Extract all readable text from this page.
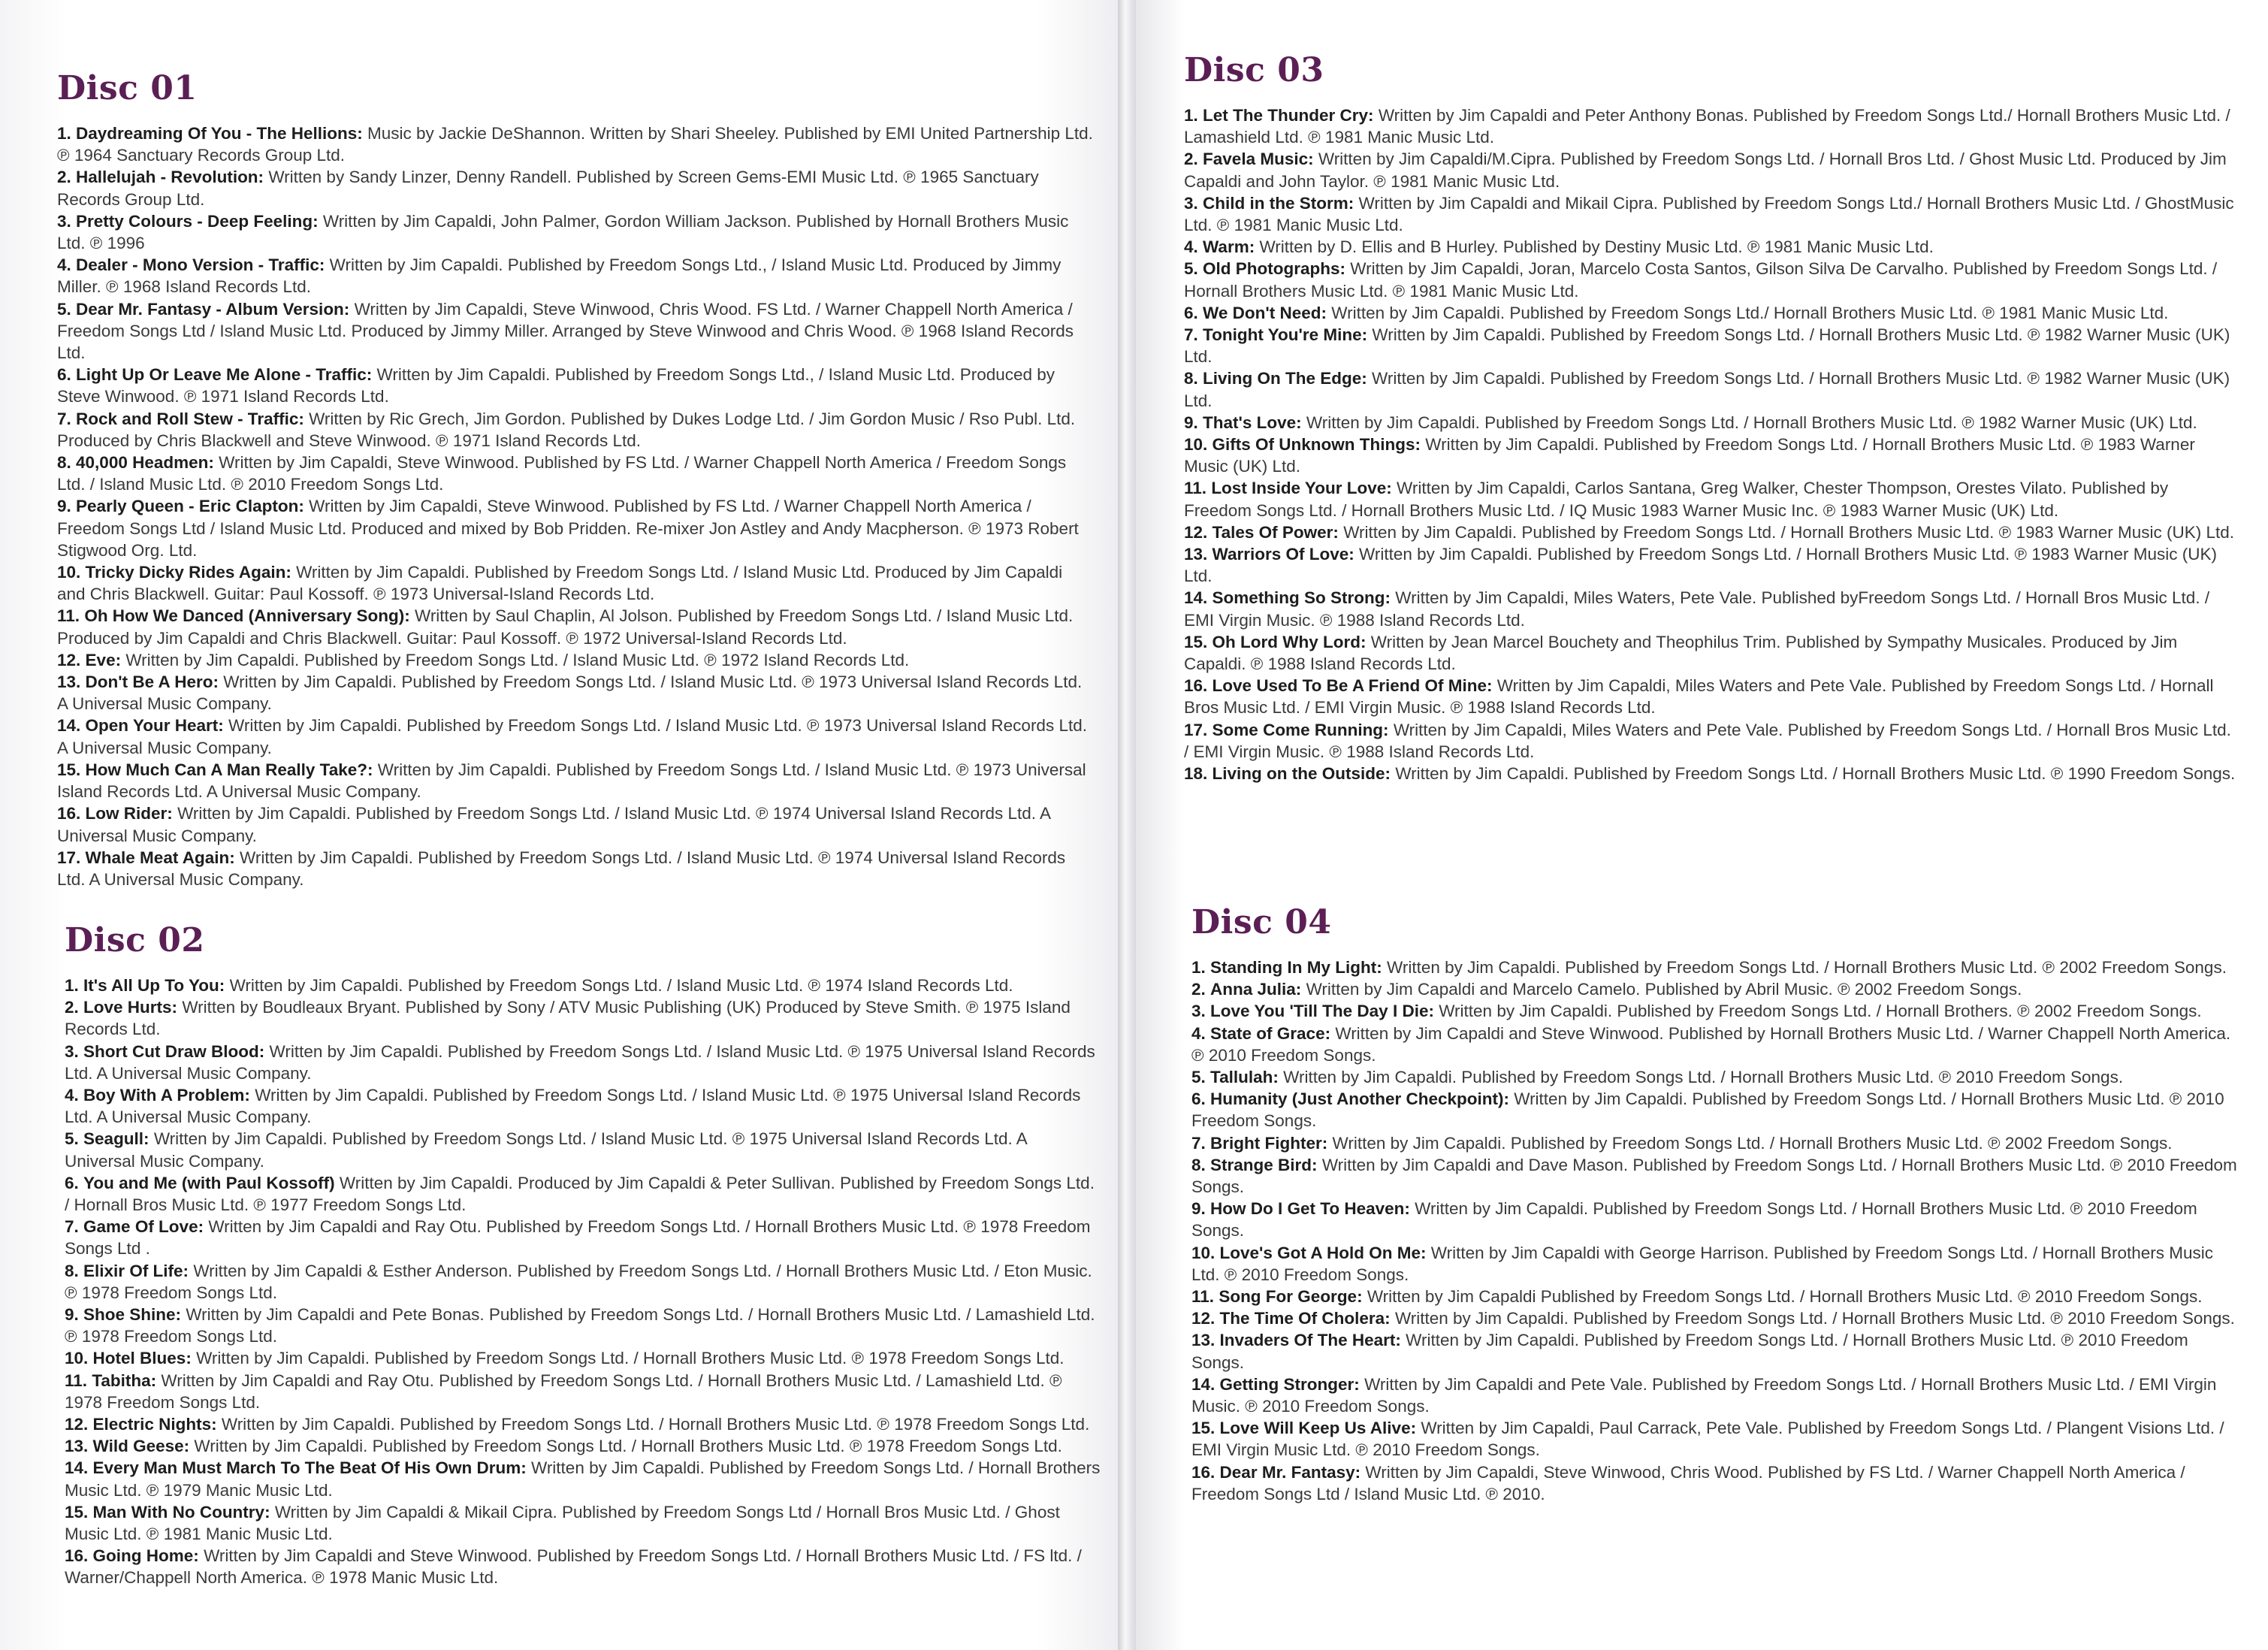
Disc 01
1. Daydreaming Of You - The Hellions: Music by Jackie DeShannon. Written by Shari Sheeley. Published by EMI United Partnership Ltd. ℗ 1964 Sanctuary Records Group Ltd.
2. Hallelujah - Revolution: Written by Sandy Linzer, Denny Randell. Published by Screen Gems-EMI Music Ltd. ℗ 1965 Sanctuary Records Group Ltd.
3. Pretty Colours - Deep Feeling: Written by Jim Capaldi, John Palmer, Gordon William Jackson. Published by Hornall Brothers Music Ltd. ℗ 1996
4. Dealer - Mono Version - Traffic: Written by Jim Capaldi. Published by Freedom Songs Ltd., / Island Music Ltd. Produced by Jimmy Miller. ℗ 1968 Island Records Ltd.
5. Dear Mr. Fantasy - Album Version: Written by Jim Capaldi, Steve Winwood, Chris Wood. FS Ltd. / Warner Chappell North America / Freedom Songs Ltd / Island Music Ltd. Produced by Jimmy Miller. Arranged by Steve Winwood and Chris Wood. ℗ 1968 Island Records Ltd.
6. Light Up Or Leave Me Alone - Traffic: Written by Jim Capaldi. Published by Freedom Songs Ltd., / Island Music Ltd. Produced by Steve Winwood. ℗ 1971 Island Records Ltd.
7. Rock and Roll Stew - Traffic: Written by Ric Grech, Jim Gordon. Published by Dukes Lodge Ltd. / Jim Gordon Music / Rso Publ. Ltd. Produced by Chris Blackwell and Steve Winwood. ℗ 1971 Island Records Ltd.
8. 40,000 Headmen: Written by Jim Capaldi, Steve Winwood. Published by FS Ltd. / Warner Chappell North America / Freedom Songs Ltd. / Island Music Ltd. ℗ 2010 Freedom Songs Ltd.
9. Pearly Queen - Eric Clapton: Written by Jim Capaldi, Steve Winwood. Published by FS Ltd. / Warner Chappell North America / Freedom Songs Ltd / Island Music Ltd. Produced and mixed by Bob Pridden. Re-mixer Jon Astley and Andy Macpherson. ℗ 1973 Robert Stigwood Org. Ltd.
10. Tricky Dicky Rides Again: Written by Jim Capaldi. Published by Freedom Songs Ltd. / Island Music Ltd. Produced by Jim Capaldi and Chris Blackwell. Guitar: Paul Kossoff. ℗ 1973 Universal-Island Records Ltd.
11. Oh How We Danced (Anniversary Song): Written by Saul Chaplin, Al Jolson. Published by Freedom Songs Ltd. / Island Music Ltd. Produced by Jim Capaldi and Chris Blackwell. Guitar: Paul Kossoff. ℗ 1972 Universal-Island Records Ltd.
12. Eve: Written by Jim Capaldi. Published by Freedom Songs Ltd. / Island Music Ltd. ℗ 1972 Island Records Ltd.
13. Don't Be A Hero: Written by Jim Capaldi. Published by Freedom Songs Ltd. / Island Music Ltd. ℗ 1973 Universal Island Records Ltd. A Universal Music Company.
14. Open Your Heart: Written by Jim Capaldi. Published by Freedom Songs Ltd. / Island Music Ltd. ℗ 1973 Universal Island Records Ltd. A Universal Music Company.
15. How Much Can A Man Really Take?: Written by Jim Capaldi. Published by Freedom Songs Ltd. / Island Music Ltd. ℗ 1973 Universal Island Records Ltd. A Universal Music Company.
16. Low Rider: Written by Jim Capaldi. Published by Freedom Songs Ltd. / Island Music Ltd. ℗ 1974 Universal Island Records Ltd. A Universal Music Company.
17. Whale Meat Again: Written by Jim Capaldi. Published by Freedom Songs Ltd. / Island Music Ltd. ℗ 1974 Universal Island Records Ltd. A Universal Music Company.
Disc 02
1. It's All Up To You: Written by Jim Capaldi. Published by Freedom Songs Ltd. / Island Music Ltd. ℗ 1974 Island Records Ltd.
2. Love Hurts: Written by Boudleaux Bryant. Published by Sony / ATV Music Publishing (UK) Produced by Steve Smith. ℗ 1975 Island Records Ltd.
3. Short Cut Draw Blood: Written by Jim Capaldi. Published by Freedom Songs Ltd. / Island Music Ltd. ℗ 1975 Universal Island Records Ltd. A Universal Music Company.
4. Boy With A Problem: Written by Jim Capaldi. Published by Freedom Songs Ltd. / Island Music Ltd. ℗ 1975 Universal Island Records Ltd. A Universal Music Company.
5. Seagull: Written by Jim Capaldi. Published by Freedom Songs Ltd. / Island Music Ltd. ℗ 1975 Universal Island Records Ltd. A Universal Music Company.
6. You and Me (with Paul Kossoff) Written by Jim Capaldi. Produced by Jim Capaldi & Peter Sullivan. Published by Freedom Songs Ltd. / Hornall Bros Music Ltd. ℗ 1977 Freedom Songs Ltd.
7. Game Of Love: Written by Jim Capaldi and Ray Otu. Published by Freedom Songs Ltd. / Hornall Brothers Music Ltd. ℗ 1978 Freedom Songs Ltd .
8. Elixir Of Life: Written by Jim Capaldi & Esther Anderson. Published by Freedom Songs Ltd. / Hornall Brothers Music Ltd. / Eton Music. ℗ 1978 Freedom Songs Ltd.
9. Shoe Shine: Written by Jim Capaldi and Pete Bonas. Published by Freedom Songs Ltd. / Hornall Brothers Music Ltd. / Lamashield Ltd. ℗ 1978 Freedom Songs Ltd.
10. Hotel Blues: Written by Jim Capaldi. Published by Freedom Songs Ltd. / Hornall Brothers Music Ltd. ℗ 1978 Freedom Songs Ltd.
11. Tabitha: Written by Jim Capaldi and Ray Otu. Published by Freedom Songs Ltd. / Hornall Brothers Music Ltd. / Lamashield Ltd. ℗ 1978 Freedom Songs Ltd.
12. Electric Nights: Written by Jim Capaldi. Published by Freedom Songs Ltd. / Hornall Brothers Music Ltd. ℗ 1978 Freedom Songs Ltd.
13. Wild Geese: Written by Jim Capaldi. Published by Freedom Songs Ltd. / Hornall Brothers Music Ltd. ℗ 1978 Freedom Songs Ltd.
14. Every Man Must March To The Beat Of His Own Drum: Written by Jim Capaldi. Published by Freedom Songs Ltd. / Hornall Brothers Music Ltd. ℗ 1979 Manic Music Ltd.
15. Man With No Country: Written by Jim Capaldi & Mikail Cipra. Published by Freedom Songs Ltd / Hornall Bros Music Ltd. / Ghost Music Ltd. ℗ 1981 Manic Music Ltd.
16. Going Home: Written by Jim Capaldi and Steve Winwood. Published by Freedom Songs Ltd. / Hornall Brothers Music Ltd. / FS ltd. / Warner/Chappell North America. ℗ 1978 Manic Music Ltd.
Disc 03
1. Let The Thunder Cry: Written by Jim Capaldi and Peter Anthony Bonas. Published by Freedom Songs Ltd./ Hornall Brothers Music Ltd. / Lamashield Ltd. ℗ 1981 Manic Music Ltd.
2. Favela Music: Written by Jim Capaldi/M.Cipra. Published by Freedom Songs Ltd. / Hornall Bros Ltd. / Ghost Music Ltd. Produced by Jim Capaldi and John Taylor. ℗ 1981 Manic Music Ltd.
3. Child in the Storm: Written by Jim Capaldi and Mikail Cipra. Published by Freedom Songs Ltd./ Hornall Brothers Music Ltd. / GhostMusic Ltd. ℗ 1981 Manic Music Ltd.
4. Warm: Written by D. Ellis and B Hurley. Published by Destiny Music Ltd. ℗ 1981 Manic Music Ltd.
5. Old Photographs: Written by Jim Capaldi, Joran, Marcelo Costa Santos, Gilson Silva De Carvalho. Published by Freedom Songs Ltd. / Hornall Brothers Music Ltd. ℗ 1981 Manic Music Ltd.
6. We Don't Need: Written by Jim Capaldi. Published by Freedom Songs Ltd./ Hornall Brothers Music Ltd. ℗ 1981 Manic Music Ltd.
7. Tonight You're Mine: Written by Jim Capaldi. Published by Freedom Songs Ltd. / Hornall Brothers Music Ltd. ℗ 1982 Warner Music (UK) Ltd.
8. Living On The Edge: Written by Jim Capaldi. Published by Freedom Songs Ltd. / Hornall Brothers Music Ltd. ℗ 1982 Warner Music (UK) Ltd.
9. That's Love: Written by Jim Capaldi. Published by Freedom Songs Ltd. / Hornall Brothers Music Ltd. ℗ 1982 Warner Music (UK) Ltd.
10. Gifts Of Unknown Things: Written by Jim Capaldi. Published by Freedom Songs Ltd. / Hornall Brothers Music Ltd. ℗ 1983 Warner Music (UK) Ltd.
11. Lost Inside Your Love: Written by Jim Capaldi, Carlos Santana, Greg Walker, Chester Thompson, Orestes Vilato. Published by Freedom Songs Ltd. / Hornall Brothers Music Ltd. / IQ Music 1983 Warner Music Inc. ℗ 1983 Warner Music (UK) Ltd.
12. Tales Of Power: Written by Jim Capaldi. Published by Freedom Songs Ltd. / Hornall Brothers Music Ltd. ℗ 1983 Warner Music (UK) Ltd.
13. Warriors Of Love: Written by Jim Capaldi. Published by Freedom Songs Ltd. / Hornall Brothers Music Ltd. ℗ 1983 Warner Music (UK) Ltd.
14. Something So Strong: Written by Jim Capaldi, Miles Waters, Pete Vale. Published byFreedom Songs Ltd. / Hornall Bros Music Ltd. / EMI Virgin Music. ℗ 1988 Island Records Ltd.
15. Oh Lord Why Lord: Written by Jean Marcel Bouchety and Theophilus Trim. Published by Sympathy Musicales. Produced by Jim Capaldi. ℗ 1988 Island Records Ltd.
16. Love Used To Be A Friend Of Mine: Written by Jim Capaldi, Miles Waters and Pete Vale. Published by Freedom Songs Ltd. / Hornall Bros Music Ltd. / EMI Virgin Music. ℗ 1988 Island Records Ltd.
17. Some Come Running: Written by Jim Capaldi, Miles Waters and Pete Vale. Published by Freedom Songs Ltd. / Hornall Bros Music Ltd. / EMI Virgin Music. ℗ 1988 Island Records Ltd.
18. Living on the Outside: Written by Jim Capaldi. Published by Freedom Songs Ltd. / Hornall Brothers Music Ltd. ℗ 1990 Freedom Songs.
Disc 04
1. Standing In My Light: Written by Jim Capaldi. Published by Freedom Songs Ltd. / Hornall Brothers Music Ltd. ℗ 2002 Freedom Songs.
2. Anna Julia: Written by Jim Capaldi and Marcelo Camelo. Published by Abril Music. ℗ 2002 Freedom Songs.
3. Love You 'Till The Day I Die: Written by Jim Capaldi. Published by Freedom Songs Ltd. / Hornall Brothers. ℗ 2002 Freedom Songs.
4. State of Grace: Written by Jim Capaldi and Steve Winwood. Published by Hornall Brothers Music Ltd. / Warner Chappell North America. ℗ 2010 Freedom Songs.
5. Tallulah: Written by Jim Capaldi. Published by Freedom Songs Ltd. / Hornall Brothers Music Ltd. ℗ 2010 Freedom Songs.
6. Humanity (Just Another Checkpoint): Written by Jim Capaldi. Published by Freedom Songs Ltd. / Hornall Brothers Music Ltd. ℗ 2010 Freedom Songs.
7. Bright Fighter: Written by Jim Capaldi. Published by Freedom Songs Ltd. / Hornall Brothers Music Ltd. ℗ 2002 Freedom Songs.
8. Strange Bird: Written by Jim Capaldi and Dave Mason. Published by Freedom Songs Ltd. / Hornall Brothers Music Ltd. ℗ 2010 Freedom Songs.
9. How Do I Get To Heaven: Written by Jim Capaldi. Published by Freedom Songs Ltd. / Hornall Brothers Music Ltd. ℗ 2010 Freedom Songs.
10. Love's Got A Hold On Me: Written by Jim Capaldi with George Harrison. Published by Freedom Songs Ltd. / Hornall Brothers Music Ltd. ℗ 2010 Freedom Songs.
11. Song For George: Written by Jim Capaldi Published by Freedom Songs Ltd. / Hornall Brothers Music Ltd. ℗ 2010 Freedom Songs.
12. The Time Of Cholera: Written by Jim Capaldi. Published by Freedom Songs Ltd. / Hornall Brothers Music Ltd. ℗ 2010 Freedom Songs.
13. Invaders Of The Heart: Written by Jim Capaldi. Published by Freedom Songs Ltd. / Hornall Brothers Music Ltd. ℗ 2010 Freedom Songs.
14. Getting Stronger: Written by Jim Capaldi and Pete Vale. Published by Freedom Songs Ltd. / Hornall Brothers Music Ltd. / EMI Virgin Music. ℗ 2010 Freedom Songs.
15. Love Will Keep Us Alive: Written by Jim Capaldi, Paul Carrack, Pete Vale. Published by Freedom Songs Ltd. / Plangent Visions Ltd. / EMI Virgin Music Ltd. ℗ 2010 Freedom Songs.
16. Dear Mr. Fantasy: Written by Jim Capaldi, Steve Winwood, Chris Wood. Published by FS Ltd. / Warner Chappell North America / Freedom Songs Ltd / Island Music Ltd. ℗ 2010.
